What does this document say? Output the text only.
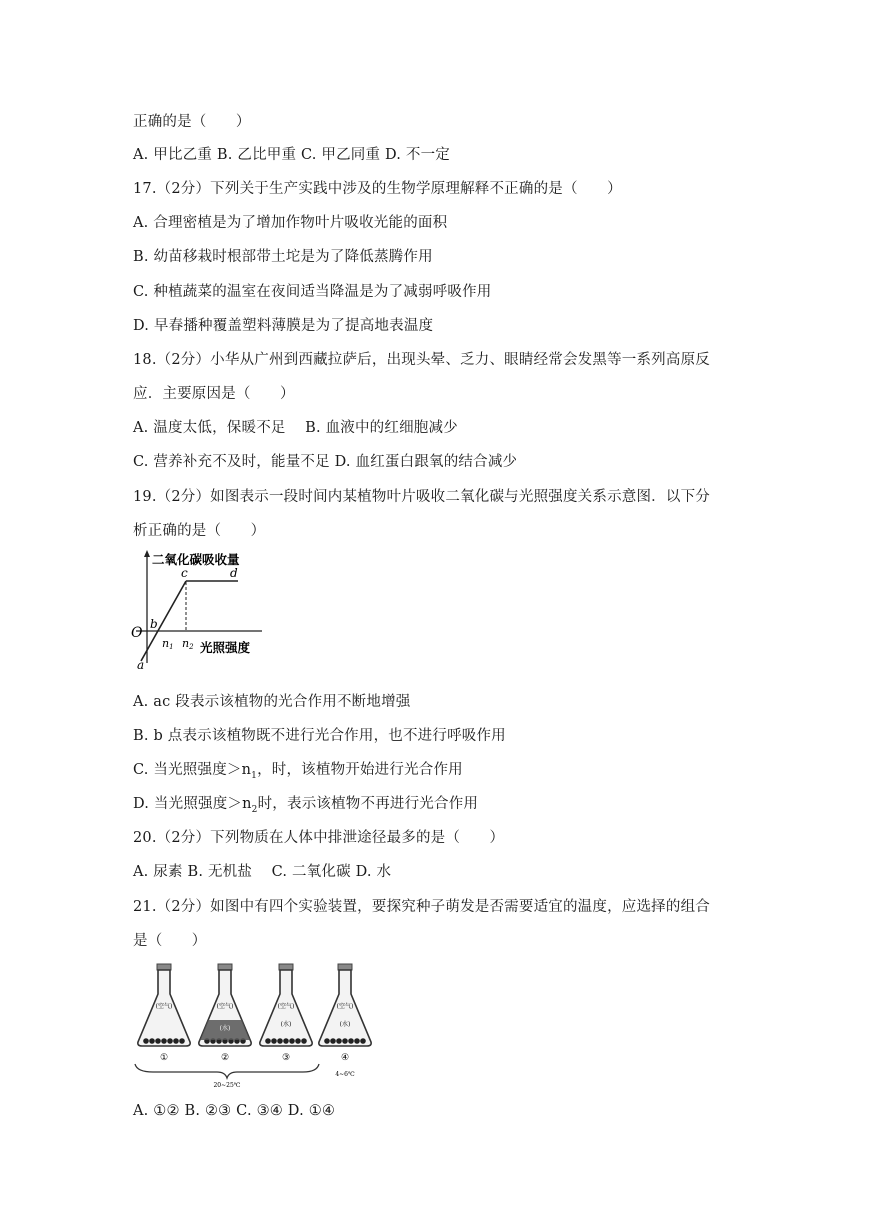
正确的是（　　）
A. 甲比乙重 B. 乙比甲重 C. 甲乙同重 D. 不一定
17.（2分）下列关于生产实践中涉及的生物学原理解释不正确的是（　　）
A. 合理密植是为了增加作物叶片吸收光能的面积
B. 幼苗移栽时根部带土坨是为了降低蒸腾作用
C. 种植蔬菜的温室在夜间适当降温是为了减弱呼吸作用
D. 早春播种覆盖塑料薄膜是为了提高地表温度
18.（2分）小华从广州到西藏拉萨后，出现头晕、乏力、眼睛经常会发黑等一系列高原反
应．主要原因是（　　）
A. 温度太低，保暖不足　 B. 血液中的红细胞减少
C. 营养补充不及时，能量不足 D. 血红蛋白跟氧的结合减少
19.（2分）如图表示一段时间内某植物叶片吸收二氧化碳与光照强度关系示意图．以下分
析正确的是（　　）
二氧化碳吸收量
光照强度
O
a
b
c	d
n1 n2
A. ac 段表示该植物的光合作用不断地增强
B. b 点表示该植物既不进行光合作用，也不进行呼吸作用
C. 当光照强度$>n_1$，时，该植物开始进行光合作用
D. 当光照强度$>n_2$时，表示该植物不再进行光合作用
20.（2分）下列物质在人体中排泄途径最多的是（　　）
A. 尿素 B. 无机盐　 C. 二氧化碳 D. 水
21.（2分）如图中有四个实验装置，要探究种子萌发是否需要适宜的温度，应选择的组合
是（　　）
(空气)	(空气)
(水)
(空气)
(水)
(空气)
(水)
①	②	③	④
20~25℃
4~6℃
A. ①② B. ②③ C. ③④ D. ①④
